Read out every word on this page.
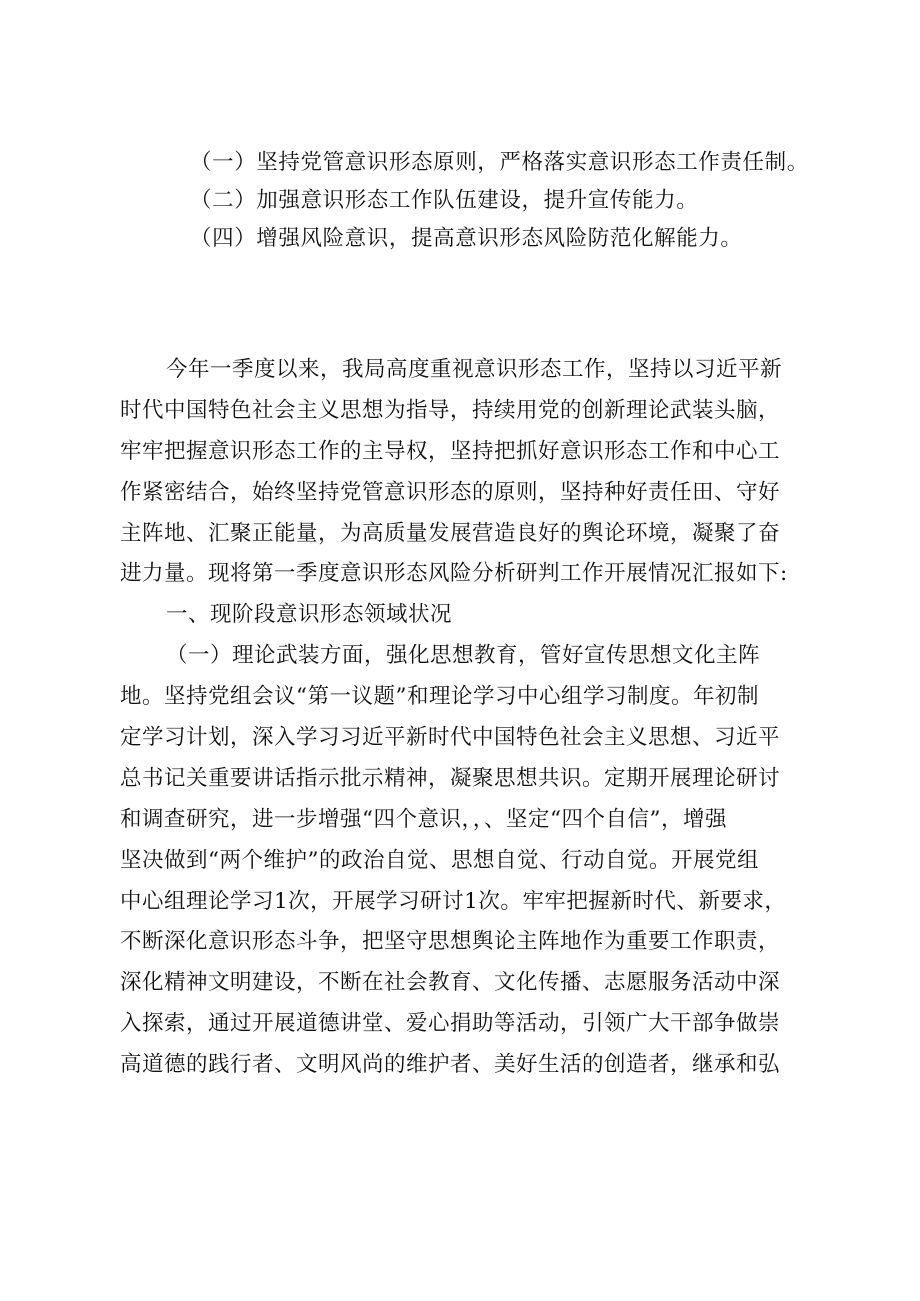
（一）坚持党管意识形态原则，严格落实意识形态工作责任制。
（二）加强意识形态工作队伍建设，提升宣传能力。
（四）增强风险意识，提高意识形态风险防范化解能力。
今年一季度以来，我局高度重视意识形态工作，坚持以习近平新
时代中国特色社会主义思想为指导，持续用党的创新理论武装头脑，
牢牢把握意识形态工作的主导权，坚持把抓好意识形态工作和中心工
作紧密结合，始终坚持党管意识形态的原则，坚持种好责任田、守好
主阵地、汇聚正能量，为高质量发展营造良好的舆论环境，凝聚了奋
进力量。现将第一季度意识形态风险分析研判工作开展情况汇报如下:
一、现阶段意识形态领域状况
（一）理论武装方面，强化思想教育，管好宣传思想文化主阵
地。坚持党组会议“第一议题”和理论学习中心组学习制度。年初制
定学习计划，深入学习习近平新时代中国特色社会主义思想、习近平
总书记关重要讲话指示批示精神，凝聚思想共识。定期开展理论研讨
和调查研究，进一步增强“四个意识，，、坚定“四个自信”，增强
坚决做到“两个维护”的政治自觉、思想自觉、行动自觉。开展党组
中心组理论学习1次，开展学习研讨1次。牢牢把握新时代、新要求，
不断深化意识形态斗争，把坚守思想舆论主阵地作为重要工作职责，
深化精神文明建设，不断在社会教育、文化传播、志愿服务活动中深
入探索，通过开展道德讲堂、爱心捐助等活动，引领广大干部争做崇
高道德的践行者、文明风尚的维护者、美好生活的创造者，继承和弘
